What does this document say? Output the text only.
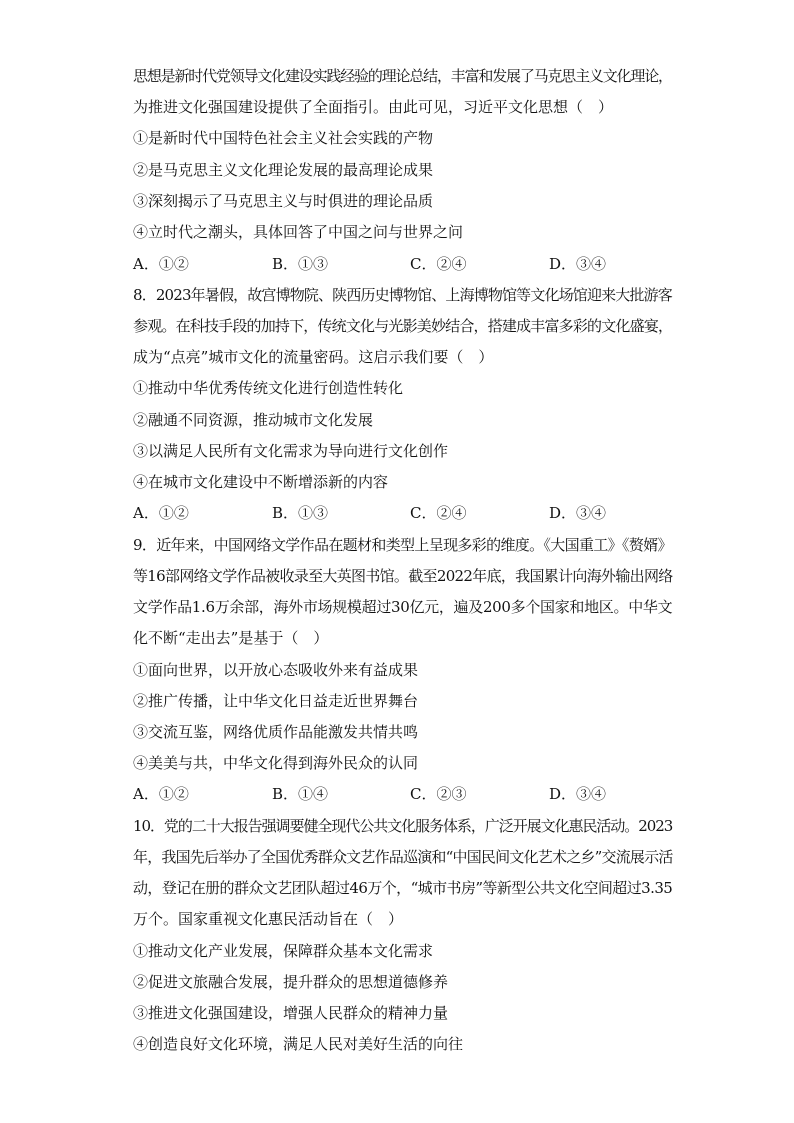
思想是新时代党领导文化建设实践经验的理论总结，丰富和发展了马克思主义文化理论，
为推进文化强国建设提供了全面指引。由此可见，习近平文化思想（　）
①是新时代中国特色社会主义社会实践的产物
②是马克思主义文化理论发展的最高理论成果
③深刻揭示了马克思主义与时俱进的理论品质
④立时代之潮头，具体回答了中国之问与世界之问
A．①②	B．①③	C．②④	D．③④
8．2023年暑假，故宫博物院、陕西历史博物馆、上海博物馆等文化场馆迎来大批游客
参观。在科技手段的加持下，传统文化与光影美妙结合，搭建成丰富多彩的文化盛宴，
成为“点亮”城市文化的流量密码。这启示我们要（　）
①推动中华优秀传统文化进行创造性转化
②融通不同资源，推动城市文化发展
③以满足人民所有文化需求为导向进行文化创作
④在城市文化建设中不断增添新的内容
A．①②	B．①③	C．②④	D．③④
9．近年来，中国网络文学作品在题材和类型上呈现多彩的维度。《大国重工》《赘婿》
等16部网络文学作品被收录至大英图书馆。截至2022年底，我国累计向海外输出网络
文学作品1.6万余部，海外市场规模超过30亿元，遍及200多个国家和地区。中华文
化不断“走出去”是基于（　）
①面向世界，以开放心态吸收外来有益成果
②推广传播，让中华文化日益走近世界舞台
③交流互鉴，网络优质作品能激发共情共鸣
④美美与共，中华文化得到海外民众的认同
A．①②	B．①④	C．②③	D．③④
10．党的二十大报告强调要健全现代公共文化服务体系，广泛开展文化惠民活动。2023
年，我国先后举办了全国优秀群众文艺作品巡演和“中国民间文化艺术之乡”交流展示活
动，登记在册的群众文艺团队超过46万个，“城市书房”等新型公共文化空间超过3.35
万个。国家重视文化惠民活动旨在（　）
①推动文化产业发展，保障群众基本文化需求
②促进文旅融合发展，提升群众的思想道德修养
③推进文化强国建设，增强人民群众的精神力量
④创造良好文化环境，满足人民对美好生活的向往
